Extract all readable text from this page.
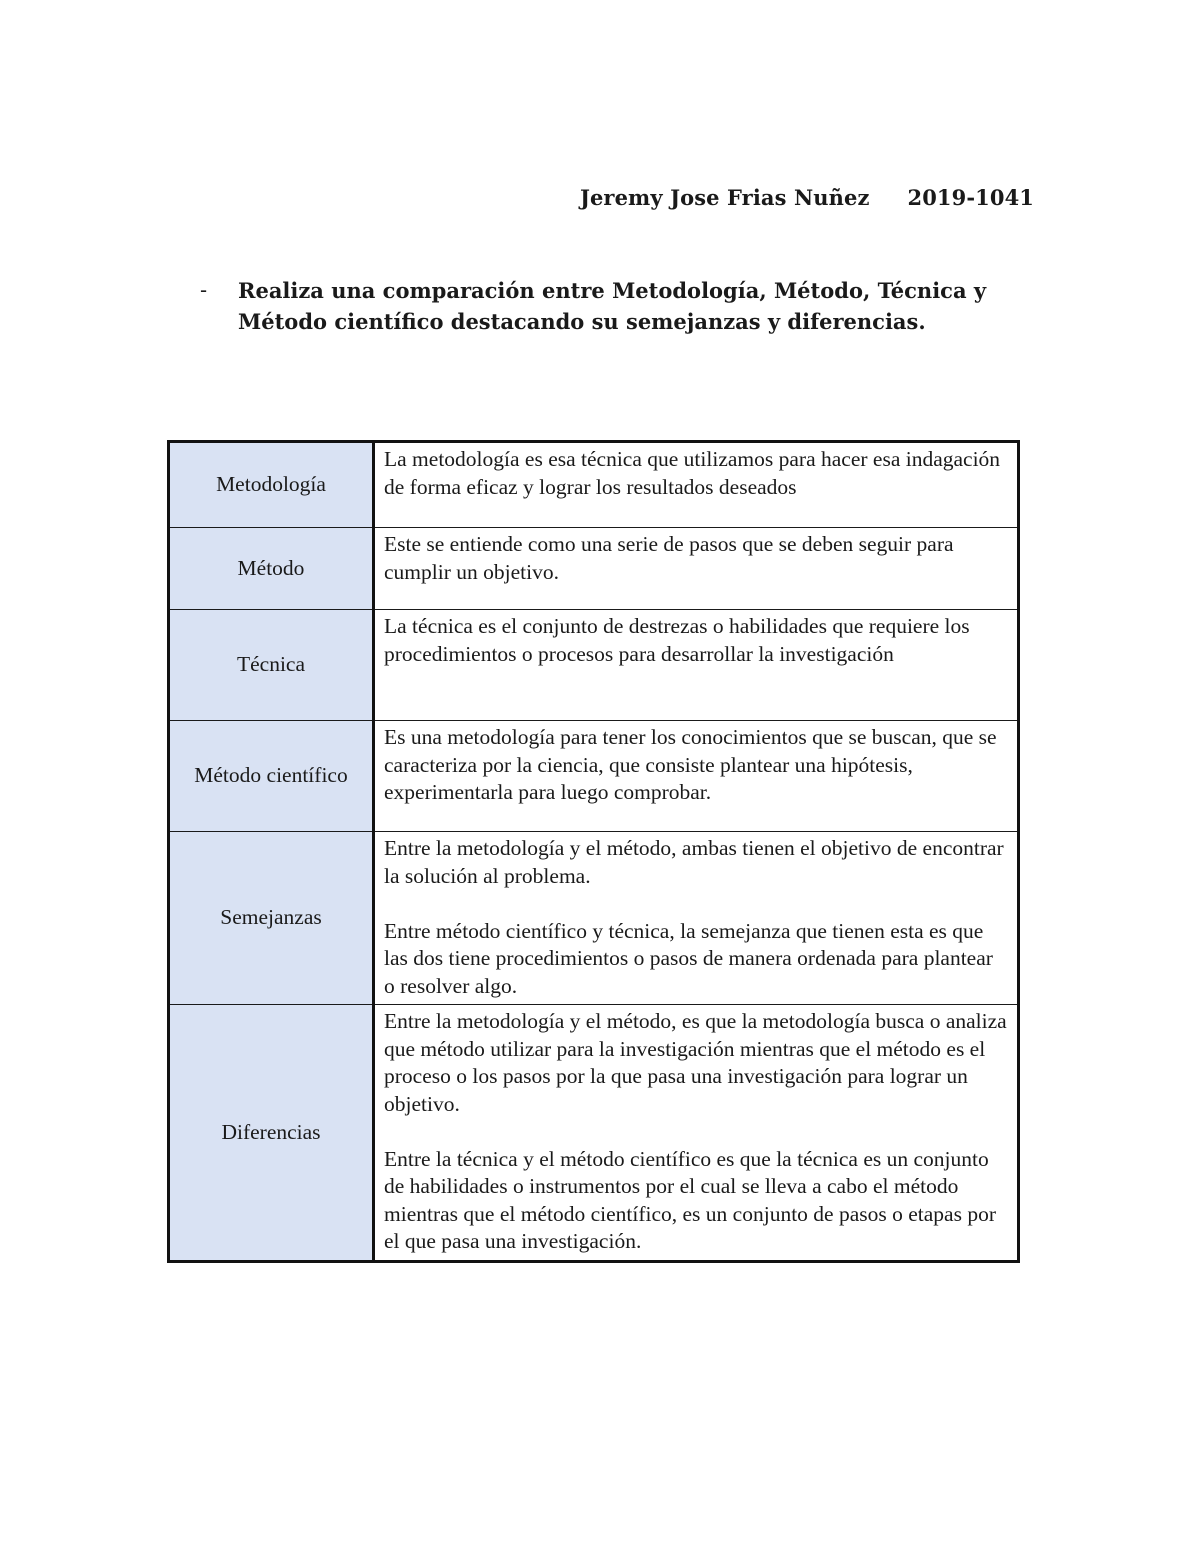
Jeremy Jose Frias Nuñez 2019-1041
- Realiza una comparación entre Metodología, Método, Técnica y Método científico destacando su semejanzas y diferencias.
Metodología	La metodología es esa técnica que utilizamos para hacer esa indagación de forma eficaz y lograr los resultados deseados

Método	Este se entiende como una serie de pasos que se deben seguir para cumplir un objetivo.

Técnica	La técnica es el conjunto de destrezas o habilidades que requiere los procedimientos o procesos para desarrollar la investigación

Método científico	Es una metodología para tener los conocimientos que se buscan, que se caracteriza por la ciencia, que consiste plantear una hipótesis, experimentarla para luego comprobar.

Semejanzas	Entre la metodología y el método, ambas tienen el objetivo de encontrar la solución al problema.

Entre método científico y técnica, la semejanza que tienen esta es que las dos tiene procedimientos o pasos de manera ordenada para plantear o resolver algo.

Diferencias	Entre la metodología y el método, es que la metodología busca o analiza que método utilizar para la investigación mientras que el método es el proceso o los pasos por la que pasa una investigación para lograr un objetivo.

Entre la técnica y el método científico es que la técnica es un conjunto de habilidades o instrumentos por el cual se lleva a cabo el método mientras que el método científico, es un conjunto de pasos o etapas por el que pasa una investigación.
